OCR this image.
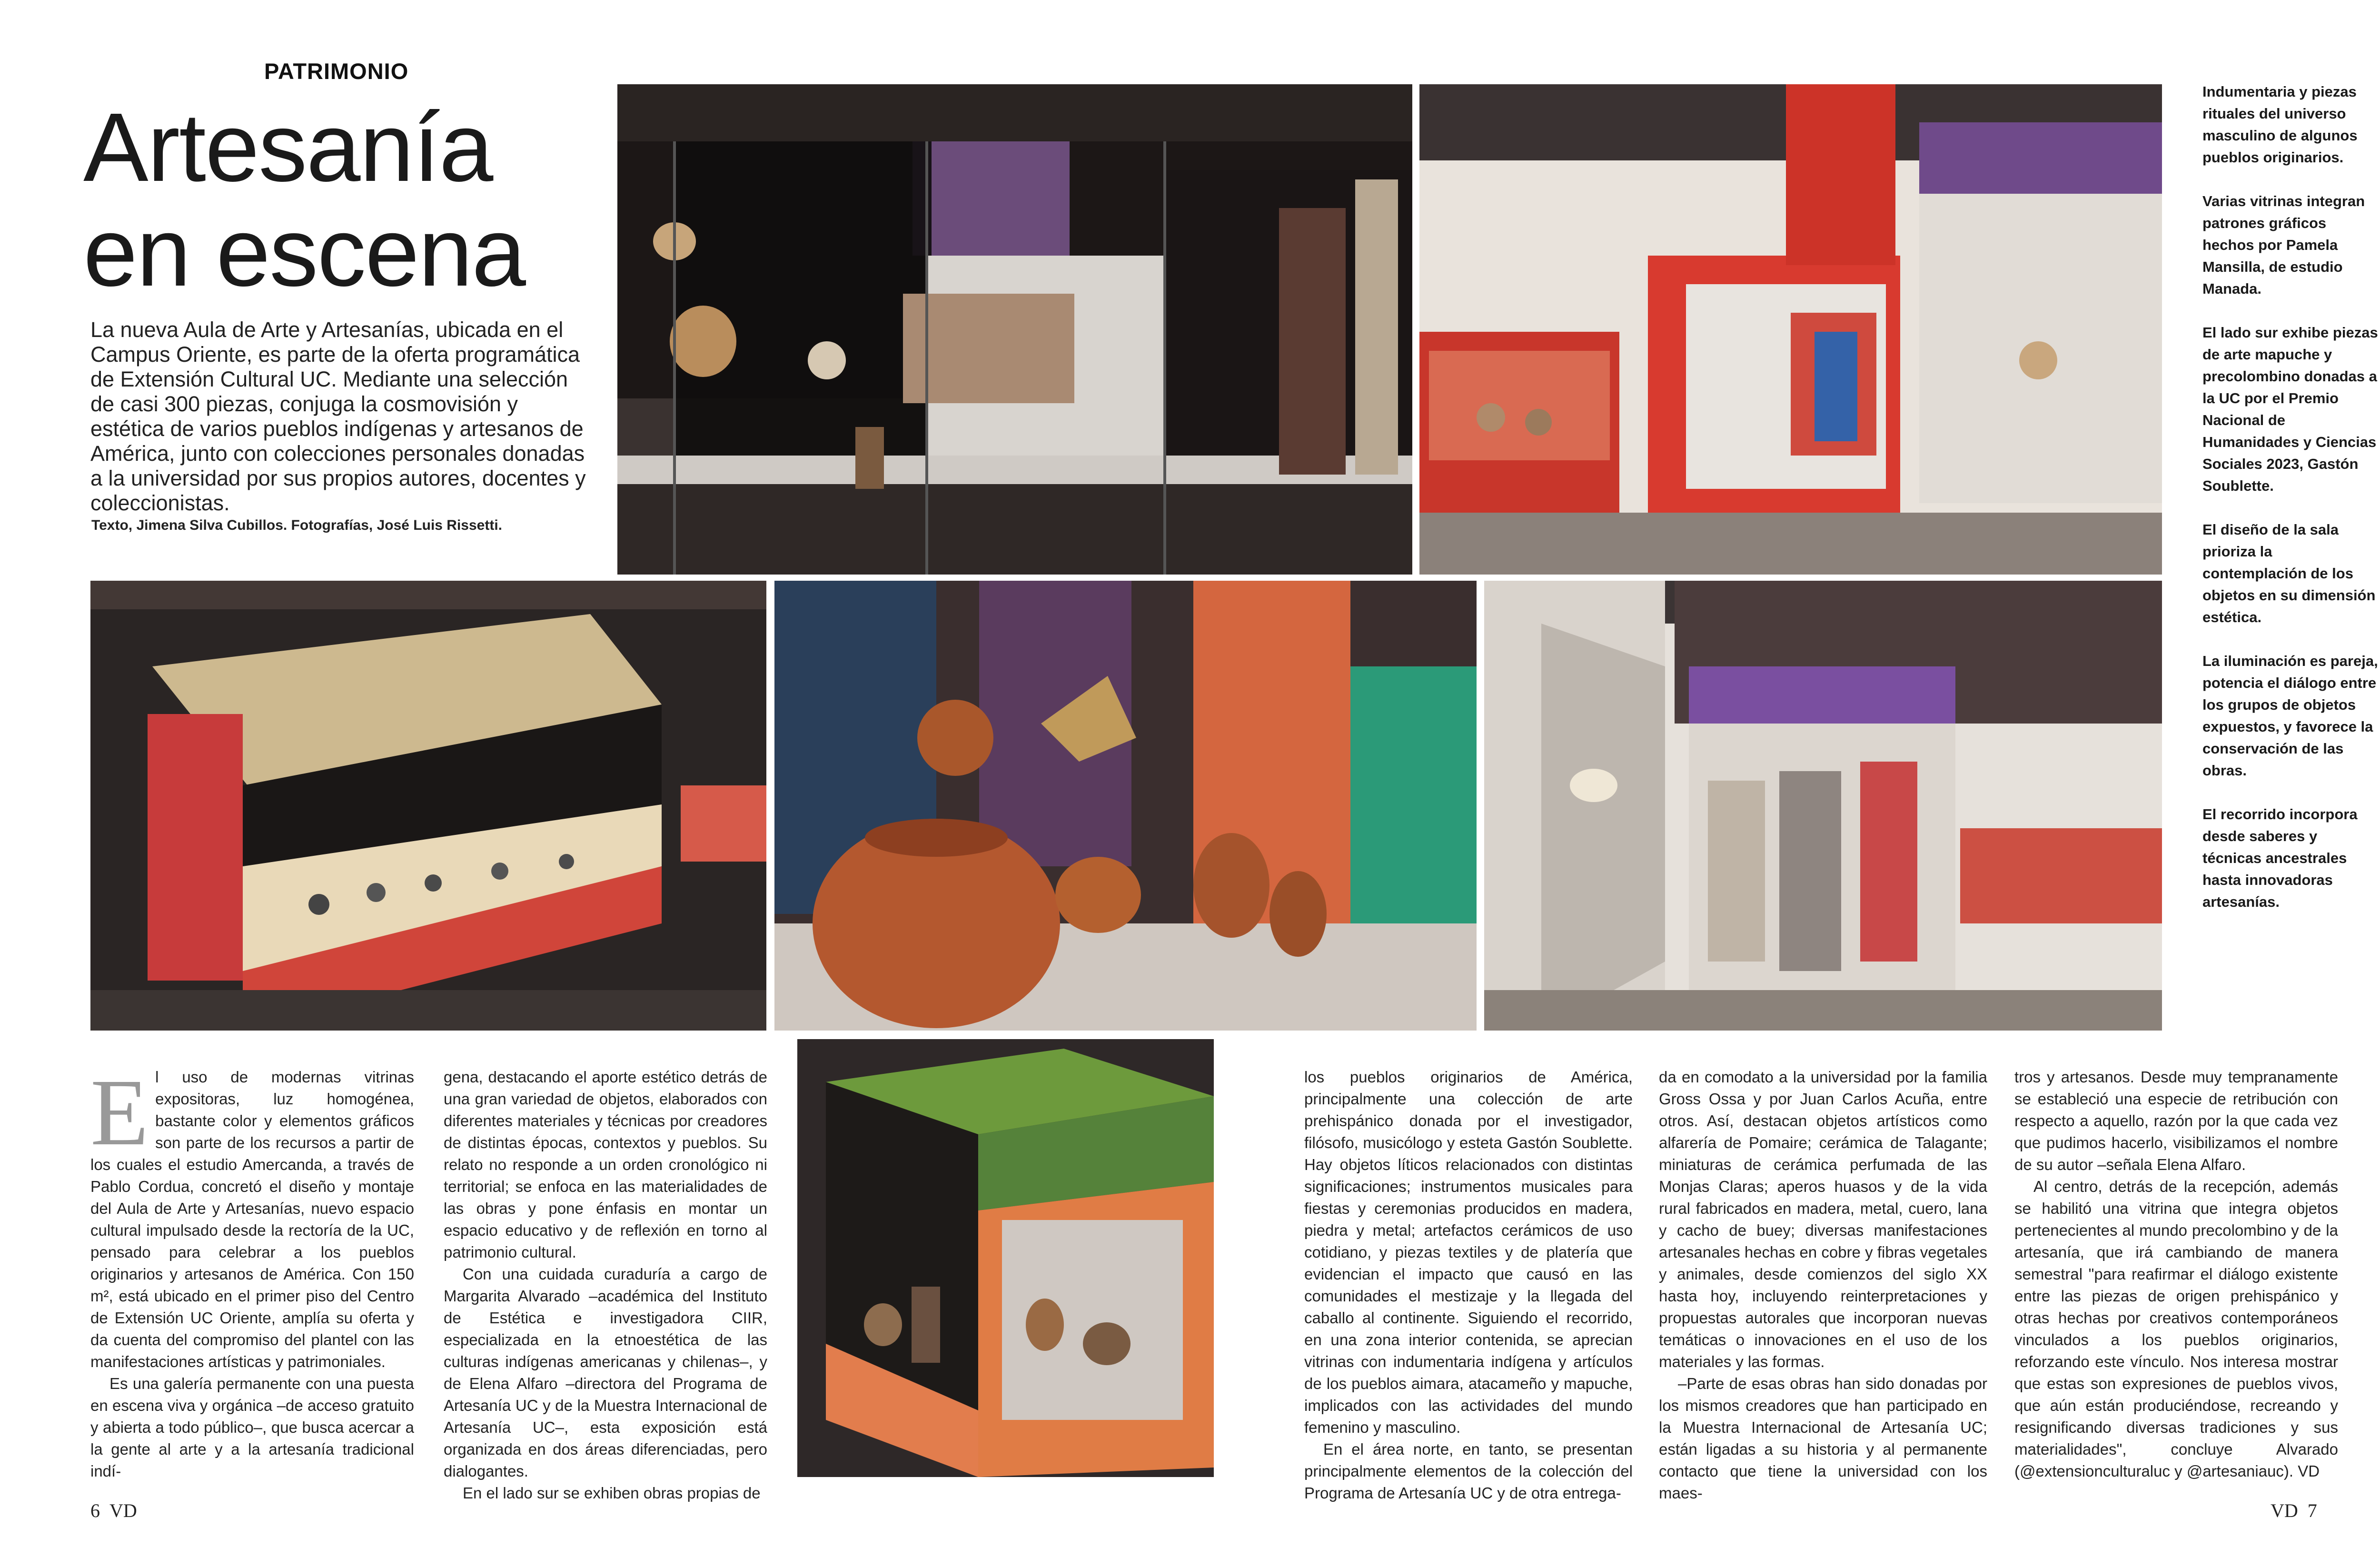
PATRIMONIO
Artesanía
en escena
La nueva Aula de Arte y Artesanías, ubicada en el Campus Oriente, es parte de la oferta programática de Extensión Cultural UC. Mediante una selección de casi 300 piezas, conjuga la cosmovisión y estética de varios pueblos indígenas y artesanos de América, junto con colecciones personales donadas a la universidad por sus propios autores, docentes y coleccionistas.
Texto, Jimena Silva Cubillos. Fotografías, José Luis Rissetti.

Indumentaria y piezas rituales del universo masculino de algunos pueblos originarios.

Varias vitrinas integran patrones gráficos hechos por Pamela Mansilla, de estudio Manada.

El lado sur exhibe piezas de arte mapuche y precolombino donadas a la UC por el Premio Nacional de Humanidades y Ciencias Sociales 2023, Gastón Soublette.

El diseño de la sala prioriza la contemplación de los objetos en su dimensión estética.

La iluminación es pareja, potencia el diálogo entre los grupos de objetos expuestos, y favorece la conservación de las obras.

El recorrido incorpora desde saberes y técnicas ancestrales hasta innovadoras artesanías.

El uso de modernas vitrinas expositoras, luz homogénea, bastante color y elementos gráficos son parte de los recursos a partir de los cuales el estudio Amercanda, a través de Pablo Cordua, concretó el diseño y montaje del Aula de Arte y Artesanías, nuevo espacio cultural impulsado desde la rectoría de la UC, pensado para celebrar a los pueblos originarios y artesanos de América. Con 150 m², está ubicado en el primer piso del Centro de Extensión UC Oriente, amplía su oferta y da cuenta del compromiso del plantel con las manifestaciones artísticas y patrimoniales.

Es una galería permanente con una puesta en escena viva y orgánica –de acceso gratuito y abierta a todo público–, que busca acercar a la gente al arte y a la artesanía tradicional indí-

gena, destacando el aporte estético detrás de una gran variedad de objetos, elaborados con diferentes materiales y técnicas por creadores de distintas épocas, contextos y pueblos. Su relato no responde a un orden cronológico ni territorial; se enfoca en las materialidades de las obras y pone énfasis en montar un espacio educativo y de reflexión en torno al patrimonio cultural.

Con una cuidada curaduría a cargo de Margarita Alvarado –académica del Instituto de Estética e investigadora CIIR, especializada en la etnoestética de las culturas indígenas americanas y chilenas–, y de Elena Alfaro –directora del Programa de Artesanía UC y de la Muestra Internacional de Artesanía UC–, esta exposición está organizada en dos áreas diferenciadas, pero dialogantes.

En el lado sur se exhiben obras propias de

los pueblos originarios de América, principalmente una colección de arte prehispánico donada por el investigador, filósofo, musicólogo y esteta Gastón Soublette. Hay objetos líticos relacionados con distintas significaciones; instrumentos musicales para fiestas y ceremonias producidos en madera, piedra y metal; artefactos cerámicos de uso cotidiano, y piezas textiles y de platería que evidencian el impacto que causó en las comunidades el mestizaje y la llegada del caballo al continente. Siguiendo el recorrido, en una zona interior contenida, se aprecian vitrinas con indumentaria indígena y artículos de los pueblos aimara, atacameño y mapuche, implicados con las actividades del mundo femenino y masculino.

En el área norte, en tanto, se presentan principalmente elementos de la colección del Programa de Artesanía UC y de otra entrega-

da en comodato a la universidad por la familia Gross Ossa y por Juan Carlos Acuña, entre otros. Así, destacan objetos artísticos como alfarería de Pomaire; cerámica de Talagante; miniaturas de cerámica perfumada de las Monjas Claras; aperos huasos y de la vida rural fabricados en madera, metal, cuero, lana y cacho de buey; diversas manifestaciones artesanales hechas en cobre y fibras vegetales y animales, desde comienzos del siglo XX hasta hoy, incluyendo reinterpretaciones y propuestas autorales que incorporan nuevas temáticas o innovaciones en el uso de los materiales y las formas.

–Parte de esas obras han sido donadas por los mismos creadores que han participado en la Muestra Internacional de Artesanía UC; están ligadas a su historia y al permanente contacto que tiene la universidad con los maes-

tros y artesanos. Desde muy tempranamente se estableció una especie de retribución con respecto a aquello, razón por la que cada vez que pudimos hacerlo, visibilizamos el nombre de su autor –señala Elena Alfaro.

Al centro, detrás de la recepción, además se habilitó una vitrina que integra objetos pertenecientes al mundo precolombino y de la artesanía, que irá cambiando de manera semestral "para reafirmar el diálogo existente entre las piezas de origen prehispánico y otras hechas por creativos contemporáneos vinculados a los pueblos originarios, reforzando este vínculo. Nos interesa mostrar que estas son expresiones de pueblos vivos, que aún están produciéndose, recreando y resignificando diversas tradiciones y sus materialidades", concluye Alvarado (@extensionculturaluc y @artesaniauc). VD

6 VD	VD 7
